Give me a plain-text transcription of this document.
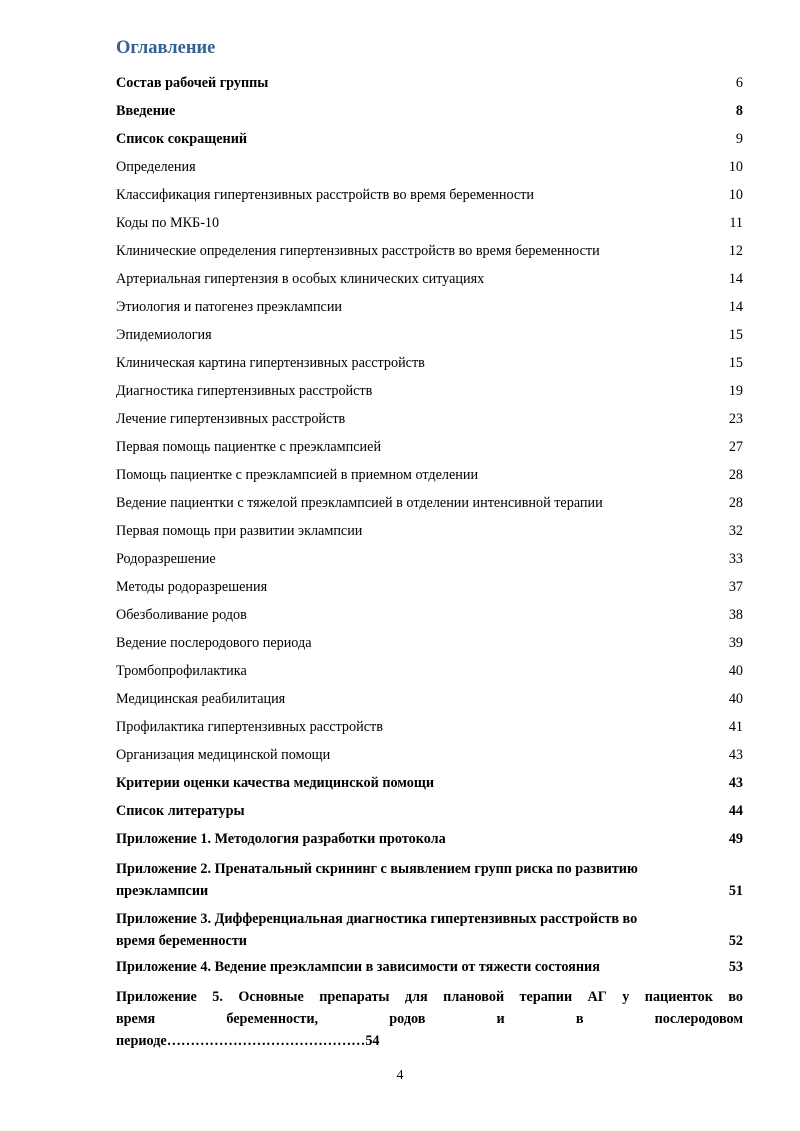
Оглавление
Состав рабочей группы	6
Введение	8
Список сокращений	9
Определения	10
Классификация гипертензивных расстройств во время беременности	10
Коды по МКБ-10	11
Клинические определения гипертензивных расстройств во время беременности	12
Артериальная гипертензия в особых клинических ситуациях	14
Этиология и патогенез преэклампсии	14
Эпидемиология	15
Клиническая картина гипертензивных расстройств	15
Диагностика гипертензивных расстройств	19
Лечение гипертензивных расстройств	23
Первая помощь пациентке с преэклампсией	27
Помощь пациентке с преэклампсией в приемном отделении	28
Ведение пациентки с тяжелой преэклампсией в отделении интенсивной терапии	28
Первая помощь при развитии эклампсии	32
Родоразрешение	33
Методы родоразрешения	37
Обезболивание родов	38
Ведение послеродового периода	39
Тромбопрофилактика	40
Медицинская реабилитация	40
Профилактика гипертензивных расстройств	41
Организация медицинской помощи	43
Критерии оценки качества медицинской помощи	43
Список литературы	44
Приложение 1. Методология разработки протокола	49
Приложение 2. Пренатальный скрининг с выявлением групп риска по развитию
преэклампсии	51
Приложение 3. Дифференциальная диагностика гипертензивных расстройств во
время беременности	52
Приложение 4. Ведение преэклампсии в зависимости от тяжести состояния	53
Приложение 5. Основные препараты для плановой терапии АГ у пациенток во
время беременности, родов и в послеродовом
периоде……………………………………54
4
